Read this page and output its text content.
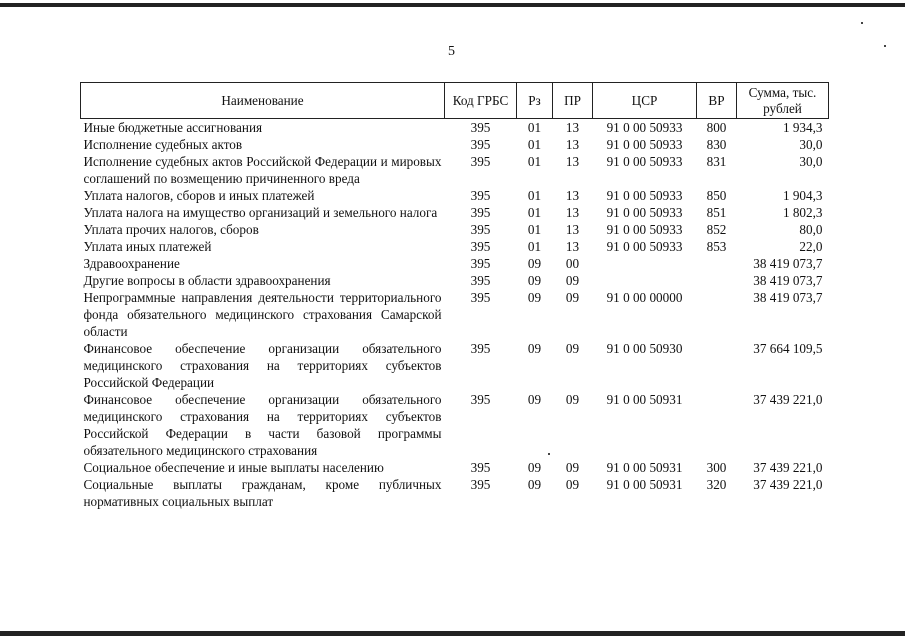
5
Наименование	Код ГРБС	Рз	ПР	ЦСР	ВР	Сумма, тыс. рублей
Иные бюджетные ассигнования	395	01	13	91 0 00 50933	800	1 934,3
Исполнение судебных актов	395	01	13	91 0 00 50933	830	30,0
Исполнение судебных актов Российской Федерации и мировых соглашений по возмещению причиненного вреда	395	01	13	91 0 00 50933	831	30,0
Уплата налогов, сборов и иных платежей	395	01	13	91 0 00 50933	850	1 904,3
Уплата налога на имущество организаций и земельного налога	395	01	13	91 0 00 50933	851	1 802,3
Уплата прочих налогов, сборов	395	01	13	91 0 00 50933	852	80,0
Уплата иных платежей	395	01	13	91 0 00 50933	853	22,0
Здравоохранение	395	09	00			38 419 073,7
Другие вопросы в области здравоохранения	395	09	09			38 419 073,7
Непрограммные направления деятельности территориального фонда обязательного медицинского страхования Самарской области	395	09	09	91 0 00 00000		38 419 073,7
Финансовое обеспечение организации обязательного медицинского страхования на территориях субъектов Российской Федерации	395	09	09	91 0 00 50930		37 664 109,5
Финансовое обеспечение организации обязательного медицинского страхования на территориях субъектов Российской Федерации в части базовой программы обязательного медицинского страхования	395	09	09	91 0 00 50931		37 439 221,0
Социальное обеспечение и иные выплаты населению	395	09	09	91 0 00 50931	300	37 439 221,0
Социальные выплаты гражданам, кроме публичных нормативных социальных выплат	395	09	09	91 0 00 50931	320	37 439 221,0
